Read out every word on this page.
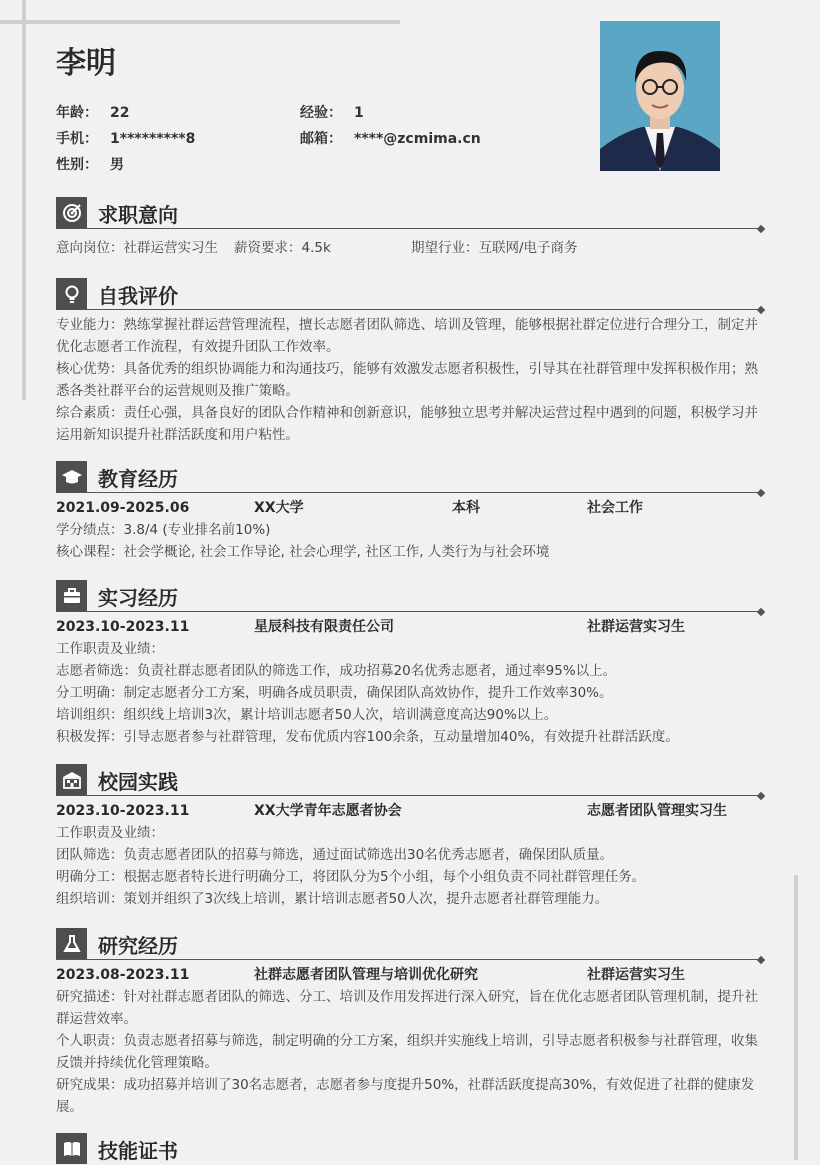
李明
年龄： 22	经验： 1
手机： 1*********8	邮箱： ****@zcmima.cn
性别： 男
求职意向
意向岗位：社群运营实习生 薪资要求：4.5k	期望行业：互联网/电子商务
自我评价

专业能力：熟练掌握社群运营管理流程，擅长志愿者团队筛选、培训及管理，能够根据社群定位进行合理分工，制定并优化志愿者工作流程，有效提升团队工作效率。

核心优势：具备优秀的组织协调能力和沟通技巧，能够有效激发志愿者积极性，引导其在社群管理中发挥积极作用；熟悉各类社群平台的运营规则及推广策略。

综合素质：责任心强，具备良好的团队合作精神和创新意识，能够独立思考并解决运营过程中遇到的问题，积极学习并运用新知识提升社群活跃度和用户粘性。

教育经历
2021.09-2025.06	XX大学	本科	社会工作

学分绩点：3.8/4 (专业排名前10%)

核心课程：社会学概论, 社会工作导论, 社会心理学, 社区工作, 人类行为与社会环境

实习经历
2023.10-2023.11	星辰科技有限责任公司	社群运营实习生

工作职责及业绩：

志愿者筛选：负责社群志愿者团队的筛选工作，成功招募20名优秀志愿者，通过率95%以上。

分工明确：制定志愿者分工方案，明确各成员职责，确保团队高效协作，提升工作效率30%。

培训组织：组织线上培训3次，累计培训志愿者50人次，培训满意度高达90%以上。

积极发挥：引导志愿者参与社群管理，发布优质内容100余条，互动量增加40%，有效提升社群活跃度。

校园实践
2023.10-2023.11	XX大学青年志愿者协会	志愿者团队管理实习生

工作职责及业绩：

团队筛选：负责志愿者团队的招募与筛选，通过面试筛选出30名优秀志愿者，确保团队质量。

明确分工：根据志愿者特长进行明确分工，将团队分为5个小组，每个小组负责不同社群管理任务。

组织培训：策划并组织了3次线上培训，累计培训志愿者50人次，提升志愿者社群管理能力。

研究经历
2023.08-2023.11	社群志愿者团队管理与培训优化研究	社群运营实习生

研究描述：针对社群志愿者团队的筛选、分工、培训及作用发挥进行深入研究，旨在优化志愿者团队管理机制，提升社群运营效率。

个人职责：负责志愿者招募与筛选，制定明确的分工方案，组织并实施线上培训，引导志愿者积极参与社群管理，收集反馈并持续优化管理策略。

研究成果：成功招募并培训了30名志愿者，志愿者参与度提升50%，社群活跃度提高30%，有效促进了社群的健康发展。

技能证书
